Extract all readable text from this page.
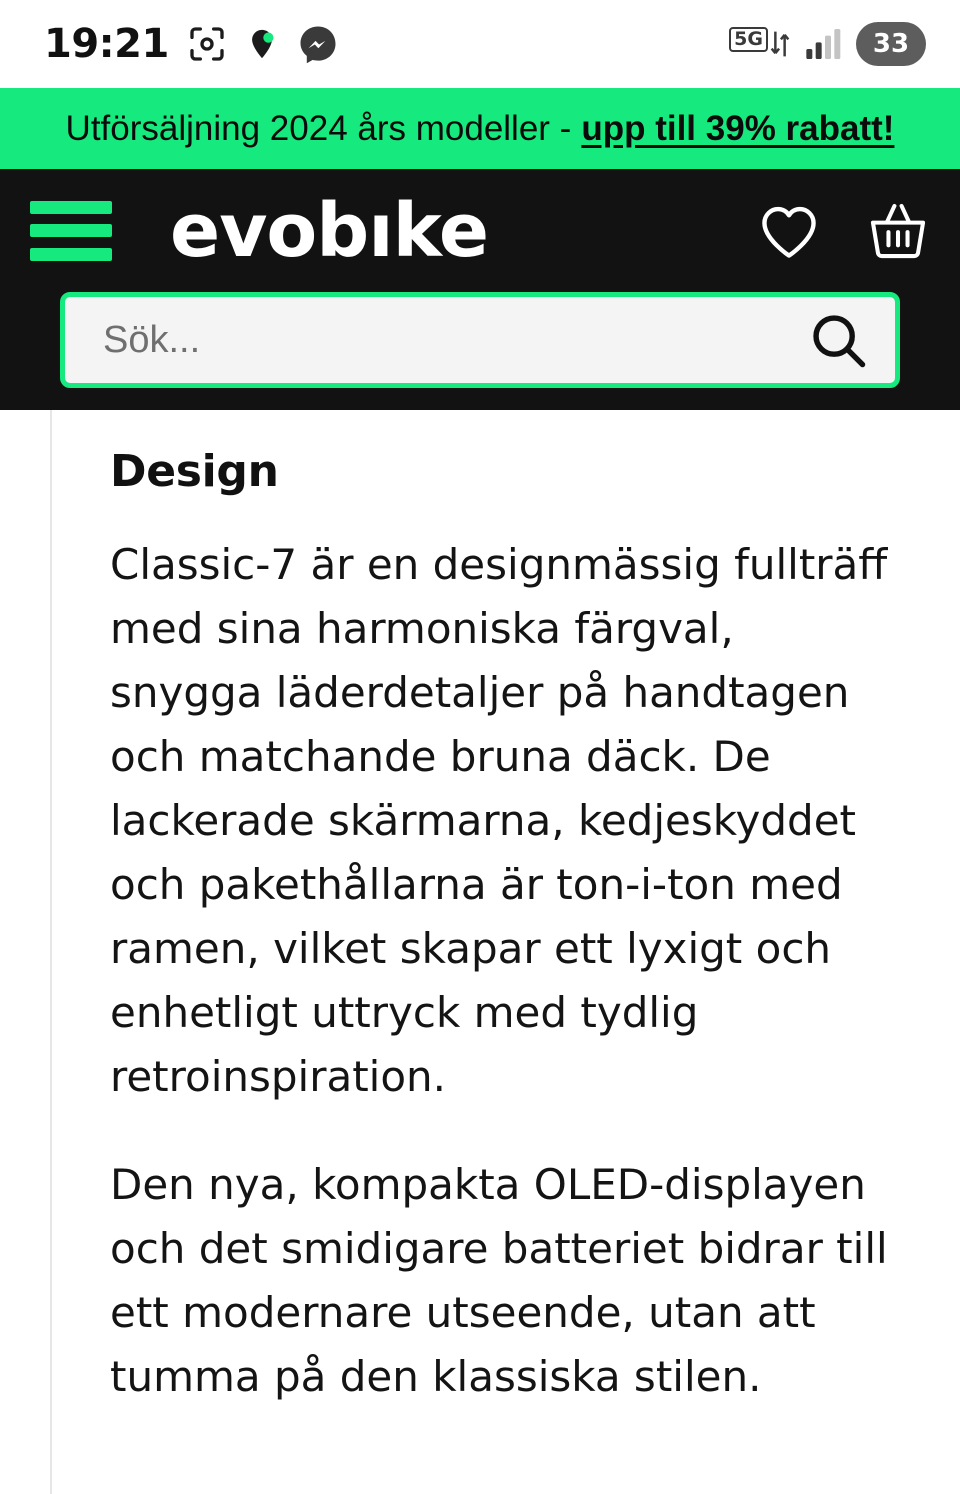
19:21	5G	33
Utförsäljning 2024 års modeller - upp till 39% rabatt!
evobıke
Sök...
Design

Classic-7 är en designmässig fullträff med sina harmoniska färgval, snygga läderdetaljer på handtagen och matchande bruna däck. De lackerade skärmarna, kedjeskyddet och pakethållarna är ton-i-ton med ramen, vilket skapar ett lyxigt och enhetligt uttryck med tydlig retroinspiration.

Den nya, kompakta OLED-displayen och det smidigare batteriet bidrar till ett modernare utseende, utan att tumma på den klassiska stilen.
